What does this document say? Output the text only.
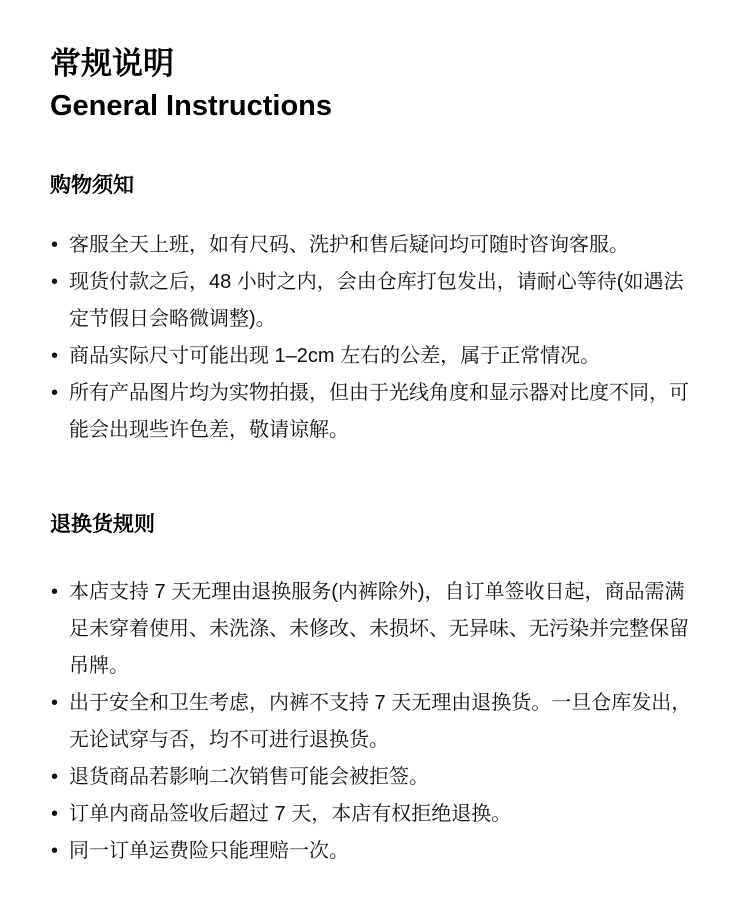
常规说明
General Instructions
购物须知
• 客服全天上班，如有尺码、洗护和售后疑问均可随时咨询客服。
• 现货付款之后，48 小时之内，会由仓库打包发出，请耐心等待(如遇法定节假日会略微调整)。
• 商品实际尺寸可能出现 1–2cm 左右的公差，属于正常情况。
• 所有产品图片均为实物拍摄，但由于光线角度和显示器对比度不同，可能会出现些许色差，敬请谅解。
退换货规则
• 本店支持 7 天无理由退换服务(内裤除外)，自订单签收日起，商品需满足未穿着使用、未洗涤、未修改、未损坏、无异味、无污染并完整保留吊牌。
• 出于安全和卫生考虑，内裤不支持 7 天无理由退换货。一旦仓库发出，无论试穿与否，均不可进行退换货。
• 退货商品若影响二次销售可能会被拒签。
• 订单内商品签收后超过 7 天，本店有权拒绝退换。
• 同一订单运费险只能理赔一次。
